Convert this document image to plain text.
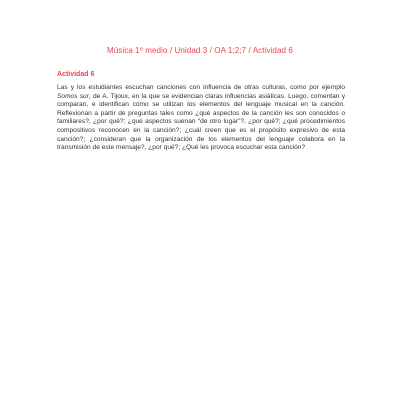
Música 1º medio / Unidad 3 / OA 1;2;7 / Actividad 6
Actividad 6
Las y los estudiantes escuchan canciones con influencia de otras culturas, como por ejemplo Somos sur, de A. Tijoux, en la que se evidencian claras influencias asiáticas. Luego, comentan y comparan, e identifican cómo se utilizan los elementos del lenguaje musical en la canción. Reflexionan a partir de preguntas tales como ¿qué aspectos de la canción les son conocidos o familiares?, ¿por qué?; ¿qué aspectos suenan “de otro lugar”?, ¿por qué?; ¿qué procedimientos compositivos reconocen en la canción?; ¿cuál creen que es el propósito expresivo de esta canción?; ¿consideran que la organización de los elementos del lenguaje colabora en la transmisión de este mensaje?, ¿por qué?; ¿Qué les provoca escuchar esta canción?
